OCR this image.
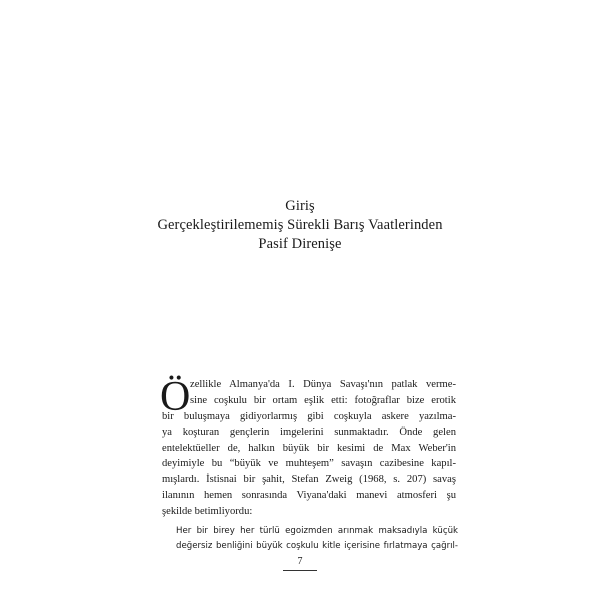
Giriş
Gerçekleştirilememiş Sürekli Barış Vaatlerinden
Pasif Direnişe
Ö zellikle Almanya'da I. Dünya Savaşı'nın patlak verme-
sine coşkulu bir ortam eşlik etti: fotoğraflar bize erotik
bir buluşmaya gidiyorlarmış gibi coşkuyla askere yazılma-
ya koşturan gençlerin imgelerini sunmaktadır. Önde gelen
entelektüeller de, halkın büyük bir kesimi de Max Weber'in
deyimiyle bu “büyük ve muhteşem” savaşın cazibesine kapıl-
mışlardı. İstisnai bir şahit, Stefan Zweig (1968, s. 207) savaş
ilanının hemen sonrasında Viyana'daki manevi atmosferi şu
şekilde betimliyordu:
Her bir birey her türlü egoizmden arınmak maksadıyla küçük
değersiz benliğini büyük coşkulu kitle içerisine fırlatmaya çağrıl-
7
